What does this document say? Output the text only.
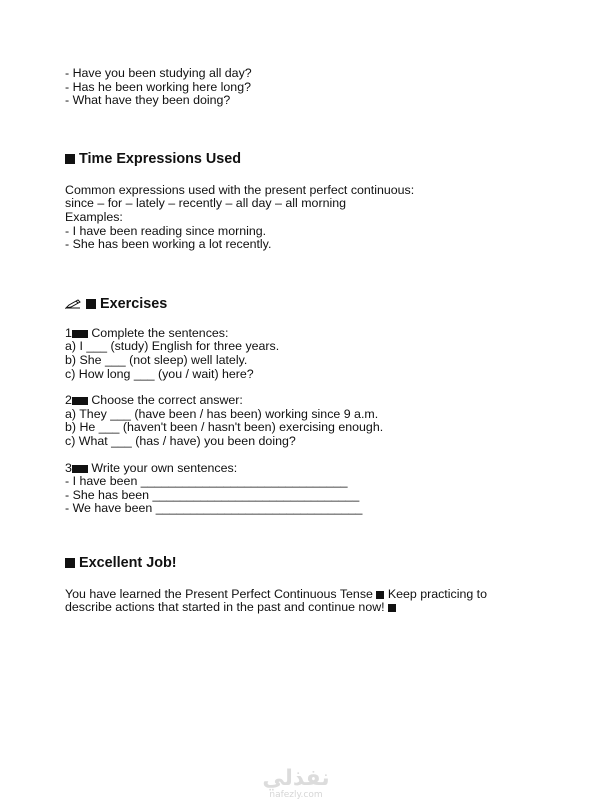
- Have you been studying all day?

- Has he been working here long?

- What have they been doing?

Time Expressions Used

Common expressions used with the present perfect continuous:

since – for – lately – recently – all day – all morning

Examples:

- I have been reading since morning.

- She has been working a lot recently.

Exercises

1 Complete the sentences:

a) I ___ (study) English for three years.

b) She ___ (not sleep) well lately.

c) How long ___ (you / wait) here?

2 Choose the correct answer:

a) They ___ (have been / has been) working since 9 a.m.

b) He ___ (haven't been / hasn't been) exercising enough.

c) What ___ (has / have) you been doing?

3 Write your own sentences:

- I have been ______________________________

- She has been ______________________________

- We have been ______________________________

Excellent Job!

You have learned the Present Perfect Continuous Tense Keep practicing to

describe actions that started in the past and continue now!

نفذلي
nafezly.com
